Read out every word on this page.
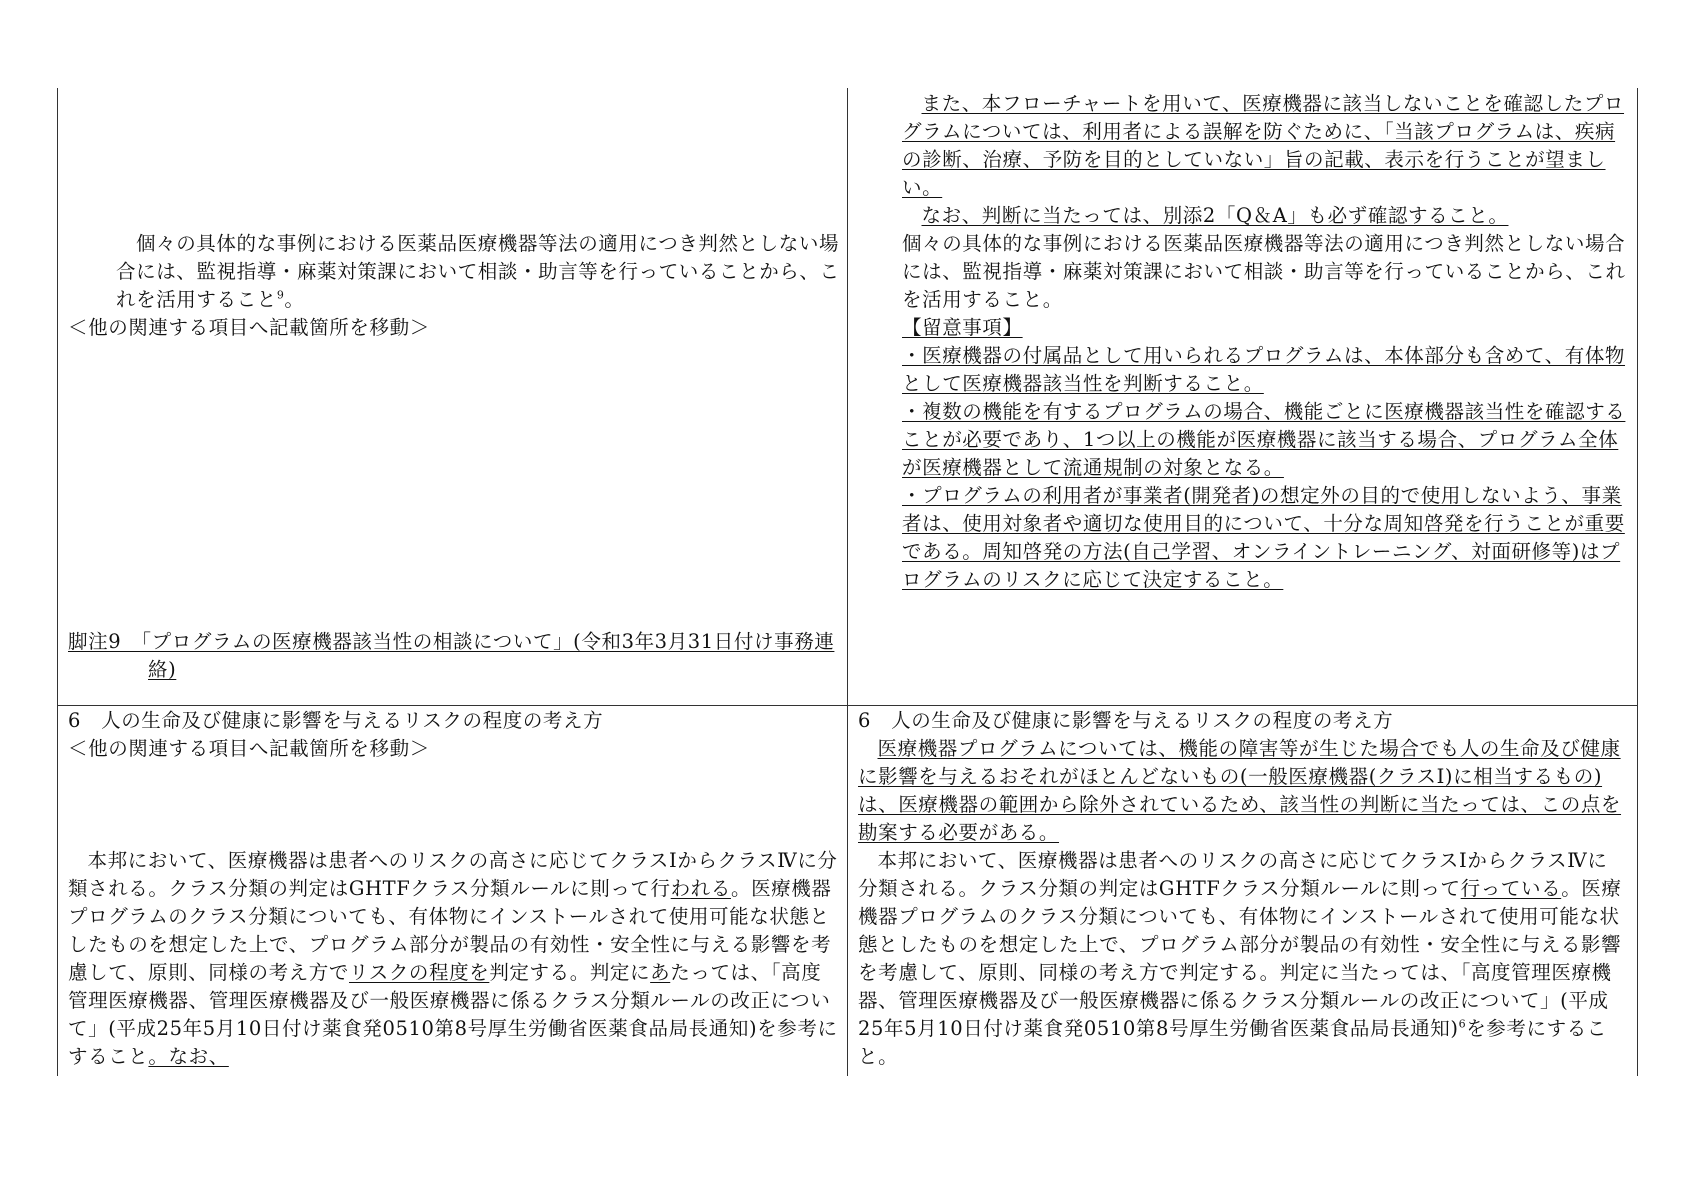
個々の具体的な事例における医薬品医療機器等法の適用につき判然としない場合には、監視指導・麻薬対策課において相談・助言等を行っていることから、これを活用すること$^9$。

＜他の関連する項目へ記載箇所を移動＞

脚注9　「プログラムの医療機器該当性の相談について」(令和3年3月31日付け事務連絡)

また、本フローチャートを用いて、医療機器に該当しないことを確認したプログラムについては、利用者による誤解を防ぐために、「当該プログラムは、疾病の診断、治療、予防を目的としていない」旨の記載、表示を行うことが望ましい。

なお、判断に当たっては、別添2「Q＆A」も必ず確認すること。

個々の具体的な事例における医薬品医療機器等法の適用につき判然としない場合には、監視指導・麻薬対策課において相談・助言等を行っていることから、これを活用すること。

【留意事項】

・医療機器の付属品として用いられるプログラムは、本体部分も含めて、有体物として医療機器該当性を判断すること。

・複数の機能を有するプログラムの場合、機能ごとに医療機器該当性を確認することが必要であり、1つ以上の機能が医療機器に該当する場合、プログラム全体が医療機器として流通規制の対象となる。

・プログラムの利用者が事業者(開発者)の想定外の目的で使用しないよう、事業者は、使用対象者や適切な使用目的について、十分な周知啓発を行うことが重要である。周知啓発の方法(自己学習、オンライントレーニング、対面研修等)はプログラムのリスクに応じて決定すること。

6　人の生命及び健康に影響を与えるリスクの程度の考え方

＜他の関連する項目へ記載箇所を移動＞

本邦において、医療機器は患者へのリスクの高さに応じてクラスⅠからクラスⅣに分類される。クラス分類の判定はGHTFクラス分類ルールに則って行われる。医療機器プログラムのクラス分類についても、有体物にインストールされて使用可能な状態としたものを想定した上で、プログラム部分が製品の有効性・安全性に与える影響を考慮して、原則、同様の考え方でリスクの程度を判定する。判定にあたっては、「高度管理医療機器、管理医療機器及び一般医療機器に係るクラス分類ルールの改正について」(平成25年5月10日付け薬食発0510第8号厚生労働省医薬食品局長通知)を参考にすること。なお、

6　人の生命及び健康に影響を与えるリスクの程度の考え方

医療機器プログラムについては、機能の障害等が生じた場合でも人の生命及び健康に影響を与えるおそれがほとんどないもの(一般医療機器(クラスⅠ)に相当するもの)は、医療機器の範囲から除外されているため、該当性の判断に当たっては、この点を勘案する必要がある。

本邦において、医療機器は患者へのリスクの高さに応じてクラスⅠからクラスⅣに分類される。クラス分類の判定はGHTFクラス分類ルールに則って行っている。医療機器プログラムのクラス分類についても、有体物にインストールされて使用可能な状態としたものを想定した上で、プログラム部分が製品の有効性・安全性に与える影響を考慮して、原則、同様の考え方で判定する。判定に当たっては、「高度管理医療機器、管理医療機器及び一般医療機器に係るクラス分類ルールの改正について」(平成25年5月10日付け薬食発0510第8号厚生労働省医薬食品局長通知)$^6$を参考にすること。
